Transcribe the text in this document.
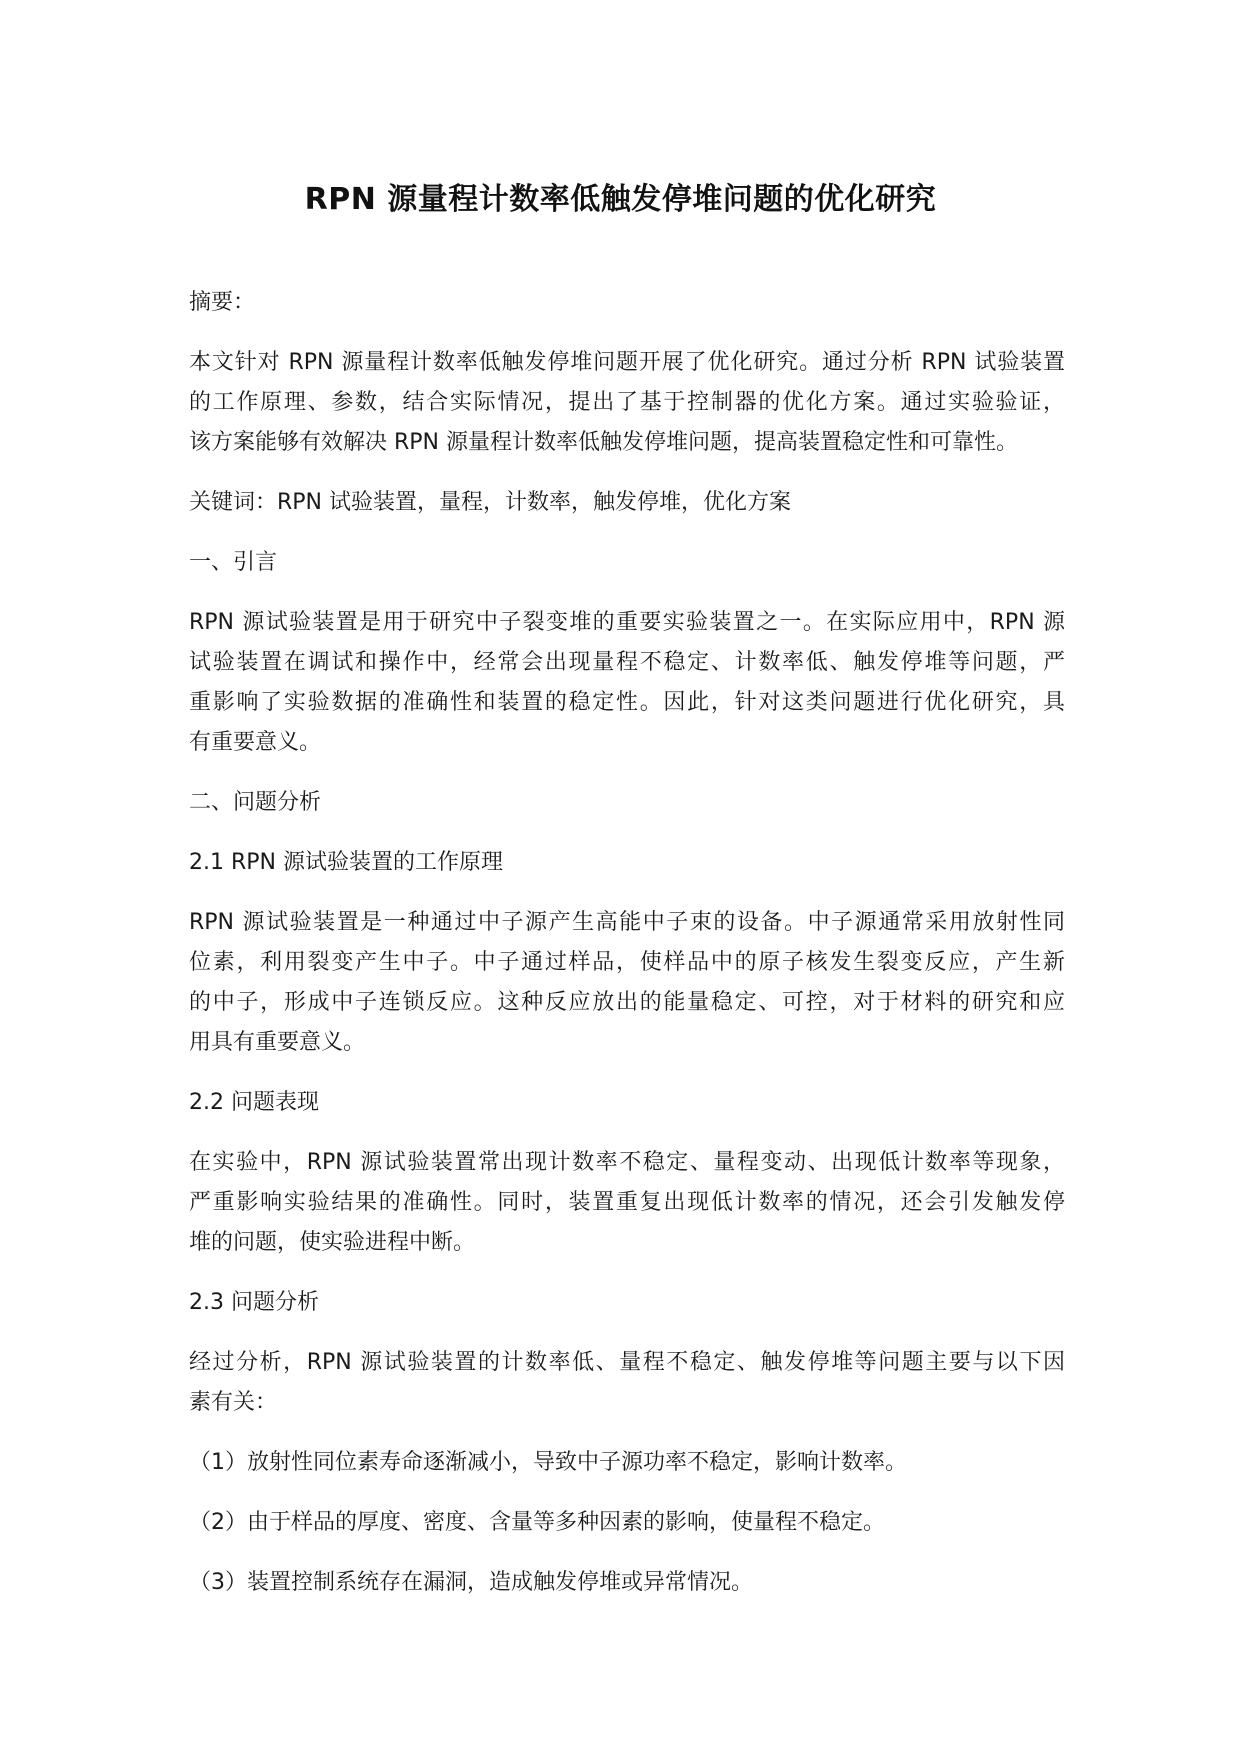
RPN 源量程计数率低触发停堆问题的优化研究

摘要：

本文针对 RPN 源量程计数率低触发停堆问题开展了优化研究。通过分析 RPN 试验装置
的工作原理、参数，结合实际情况，提出了基于控制器的优化方案。通过实验验证，
该方案能够有效解决 RPN 源量程计数率低触发停堆问题，提高装置稳定性和可靠性。

关键词：RPN 试验装置，量程，计数率，触发停堆，优化方案

一、引言

RPN 源试验装置是用于研究中子裂变堆的重要实验装置之一。在实际应用中，RPN 源
试验装置在调试和操作中，经常会出现量程不稳定、计数率低、触发停堆等问题，严
重影响了实验数据的准确性和装置的稳定性。因此，针对这类问题进行优化研究，具
有重要意义。

二、问题分析

2.1 RPN 源试验装置的工作原理

RPN 源试验装置是一种通过中子源产生高能中子束的设备。中子源通常采用放射性同
位素，利用裂变产生中子。中子通过样品，使样品中的原子核发生裂变反应，产生新
的中子，形成中子连锁反应。这种反应放出的能量稳定、可控，对于材料的研究和应
用具有重要意义。

2.2 问题表现

在实验中，RPN 源试验装置常出现计数率不稳定、量程变动、出现低计数率等现象，
严重影响实验结果的准确性。同时，装置重复出现低计数率的情况，还会引发触发停
堆的问题，使实验进程中断。

2.3 问题分析

经过分析，RPN 源试验装置的计数率低、量程不稳定、触发停堆等问题主要与以下因
素有关：

（1）放射性同位素寿命逐渐减小，导致中子源功率不稳定，影响计数率。

（2）由于样品的厚度、密度、含量等多种因素的影响，使量程不稳定。

（3）装置控制系统存在漏洞，造成触发停堆或异常情况。
